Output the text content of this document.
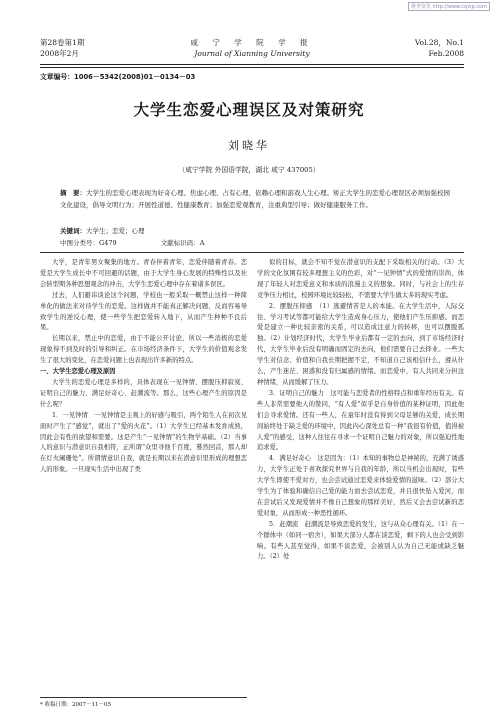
维普资讯 http://www.cqvip.com
第28卷第1期	咸 宁 学 院 学 报	Vol.28，No.1
2008年2月	Journal of Xianning University	Feb.2008
文章编号：1006－5342(2008)01－0134－03
大学生恋爱心理误区及对策研究
刘晓华
（咸宁学院 外国语学院，湖北 咸宁 437005）
摘　要：大学生的恋爱心理表现为好奇心理、焦虑心理、占有心理、依赖心理和游戏人生心理。矫正大学生的恋爱心理误区必须加强校园文化建设，倡导文明行为；开展性道德、性健康教育；加强恋爱观教育，注重典型引导；做好健康服务工作。
关键词：大学生；恋爱；心理
中图分类号：G479	文献标识码：A

大学，是青年男女聚集的地方。青春伴着青年，恋爱伴随着青春。恋爱是大学生成长中不可回避的话题，由于大学生身心发展的特殊性以及社会转型期各种思想观念的冲击，大学生恋爱心理中存在着诸多误区。

过去，人们避讳谈论这个问题，学校也一般采取一概禁止这样一种简单化的做法来对待学生的恋爱。这样做并不能真正解决问题，反而容易导致学生的逆反心理，使一些学生把恋爱转入地下，从而产生种种不良后果。

长期以来，禁止中的恋爱，由于不能公开讨论，所以一些消极的恋爱现象得不到及时的引导和纠正。在市场经济条件下，大学生的价值观念发生了很大的变化，在恋爱问题上也表现出许多新的特点。

一、大学生恋爱心理及原因

大学生的恋爱心理是多样的，具体表现在一见钟情、摆脱压抑寂寞、证明自己的魅力、满足好奇心、赶潮流等。那么，这些心理产生的原因是什么呢？

1．一见钟情　一见钟情是主观上的好感与吸引，两个陌生人在初次见面时产生了“感觉”，就出了“爱的火花”。（1）大学生已经基本发育成熟，因此会有性的欲望和需要。这是产生“一见钟情”的生物学基础。（2）当事人的意识与潜意识自我相符，正所谓“众里寻他千百度，蓦然回首，那人却在灯火阑珊处”。所谓情意识自我，就是长期以来在潜意识里形成的理想恋人的形象。一旦现实生活中出现了类

似的目标，就会不知不觉在潜意识的支配下采取相关的行动。（3）大学的文化氛围有较多理想主义的色彩，对“一见钟情”式的爱情的崇尚，体现了年轻人对恋爱意义和本质的浪漫主义的想象。同时，与社会上的生存竞争压力相比，校园环境比较轻松，不需要大学生做太多的现实考虑。

2．摆脱压抑感　（1）逃避情苦是人的本能。在大学生活中，人际交往、学习考试等都可能给大学生造成身心压力，使他们产生压抑感。而恋爱是建立一种比较亲密的关系，可以造成注意力的转移，也可以摆脱孤独。（2）计划经济时代，大学生毕业后都有一定的去向，到了市场经济时代，大学生毕业后没有明确而固定的去向，他们需要自己去择业。一些大学生对信念、价值和自我长期把握不定，不知道自己该相信什么，遵从什么，产生迷茫、困惑和没有归属感的情绪。而恋爱中，有人共同来分担这种情绪，从而缓解了压力。

3．证明自己的魅力　这可能与恋爱者的性格特点和重年经历有关。有些人非常需要他人的赞同，“有人爱”似乎是自身价值的某种证明，因此他们会寻求爱情。还有一些人，在童年时没有得到父母足够的关爱，成长期间始终处于缺乏爱的环境中，因此内心深处总有一种“我很有价值，值得被人爱”的感受，这种人往往在寻求一个证明自己魅力的对象，所以强迫性地追求爱。

4．满足好奇心　这是因为：（1）本知的事物总是神秘的，充满了诱惑力，大学生正处于喜欢探究世界与自我的年龄，所以当机会出现时，有些大学生即使不爱对方，也会尝试通过恋爱来体验爱情的滋味。（2）部分大学生为了体验和确信自己爱的能力而去尝试恋爱，并且很快坠入爱河，而在尝试后又发现爱情并不像自己想象的那样美好，然后又会去尝试新的恋爱对象，从而形成一种恶性循环。

5．赶潮流　赶潮流是导致恋爱的发生，这与从众心理有关。（1）在一个群体中（如同一宿舍），如果大部分人都在谈恋爱，剩下的人也会受到影响。有些人甚至觉得，如果不谈恋爱，会被别人认为自己无能或缺乏魅力。（2）处

* 收稿日期：2007－11－05
